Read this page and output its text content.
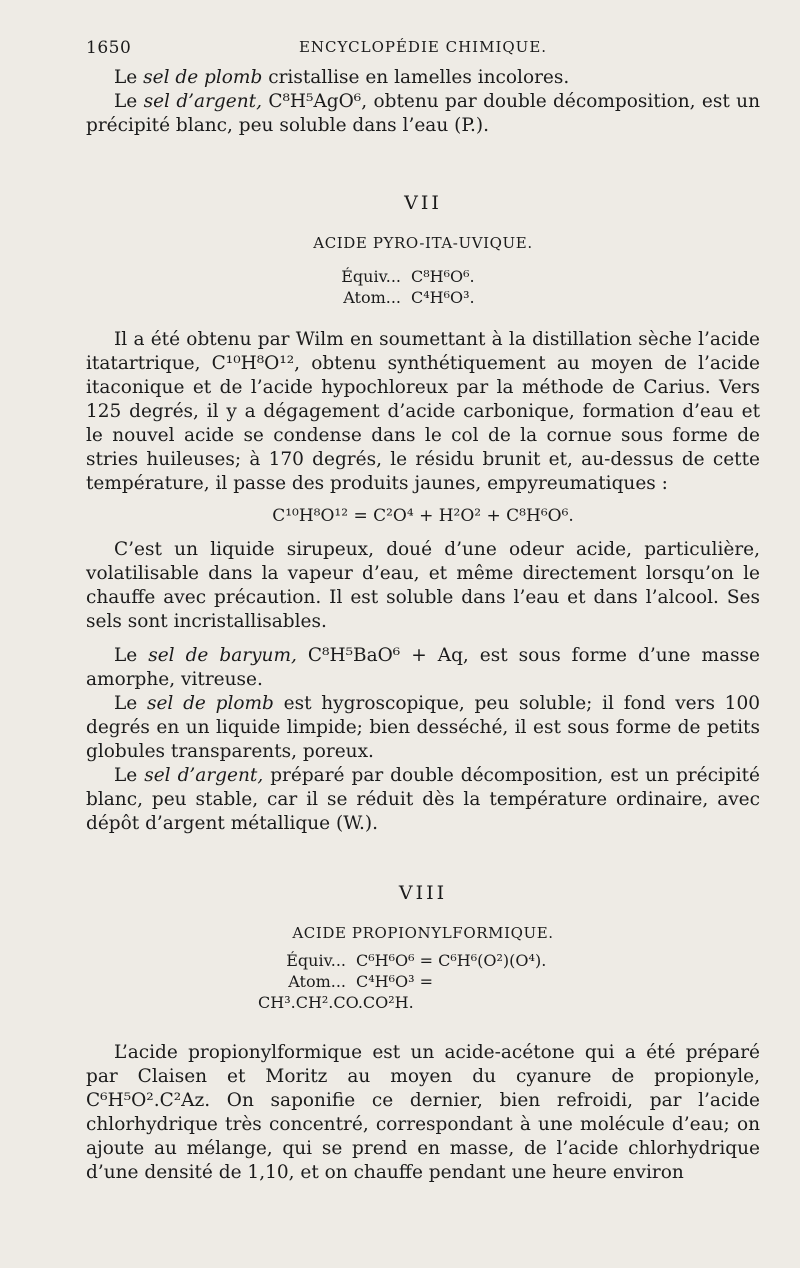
1650	ENCYCLOPÉDIE CHIMIQUE.

Le sel de plomb cristallise en lamelles incolores.

Le sel d’argent, C⁸H⁵AgO⁶, obtenu par double décomposition, est un précipité blanc, peu soluble dans l’eau (P.).

VII
ACIDE PYRO-ITA-UVIQUE.
Équiv... C⁸H⁶O⁶.
Atom... C⁴H⁶O³.

Il a été obtenu par Wilm en soumettant à la distillation sèche l’acide itatartrique, C¹⁰H⁸O¹², obtenu synthétiquement au moyen de l’acide itaconique et de l’acide hypochloreux par la méthode de Carius. Vers 125 degrés, il y a dégagement d’acide carbonique, formation d’eau et le nouvel acide se condense dans le col de la cornue sous forme de stries huileuses; à 170 degrés, le résidu brunit et, au-dessus de cette température, il passe des produits jaunes, empyreumatiques :

C¹⁰H⁸O¹² = C²O⁴ + H²O² + C⁸H⁶O⁶.

C’est un liquide sirupeux, doué d’une odeur acide, particulière, volatilisable dans la vapeur d’eau, et même directement lorsqu’on le chauffe avec précaution. Il est soluble dans l’eau et dans l’alcool. Ses sels sont incristallisables.

Le sel de baryum, C⁸H⁵BaO⁶ + Aq, est sous forme d’une masse amorphe, vitreuse.

Le sel de plomb est hygroscopique, peu soluble; il fond vers 100 degrés en un liquide limpide; bien desséché, il est sous forme de petits globules transparents, poreux.

Le sel d’argent, préparé par double décomposition, est un précipité blanc, peu stable, car il se réduit dès la température ordinaire, avec dépôt d’argent métallique (W.).

VIII
ACIDE PROPIONYLFORMIQUE.
Équiv... C⁶H⁶O⁶ = C⁶H⁶(O²)(O⁴).
Atom... C⁴H⁶O³ = CH³.CH².CO.CO²H.

L’acide propionylformique est un acide-acétone qui a été préparé par Claisen et Moritz au moyen du cyanure de propionyle, C⁶H⁵O².C²Az. On saponifie ce dernier, bien refroidi, par l’acide chlorhydrique très concentré, correspondant à une molécule d’eau; on ajoute au mélange, qui se prend en masse, de l’acide chlorhydrique d’une densité de 1,10, et on chauffe pendant une heure environ
